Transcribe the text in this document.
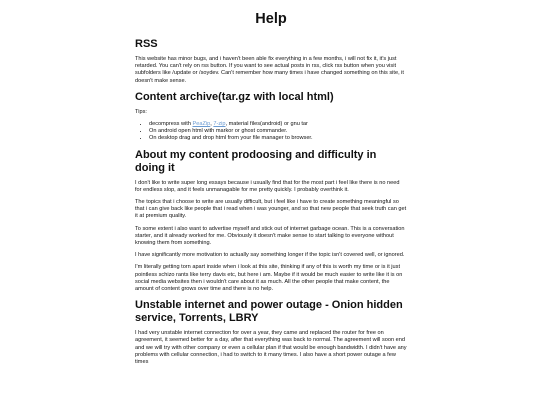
Help
RSS

This website has minor bugs, and i haven't been able fix everything in a few months, i will not fix it, it's just retarded. You can't rely on rss button. If you want to see actual posts in rss, click rss button when you visit subfolders like /update or /soydev. Can't remember how many times i have changed something on this site, it doesn't make sense.

Content archive(tar.gz with local html)

Tips:

• decompress with PeaZip, 7-zip, material files(android) or gnu tar
• On android open html with markor or ghost commander.
• On desktop drag and drop html from your file manager to browser.
About my content prodoosing and difficulty in doing it

I don't like to write super long essays because i usually find that for the most part i feel like there is no need for endless slop, and it feels unmanagable for me pretty quickly. I probably overthink it.

The topics that i choose to write are usually difficult, but i feel like i have to create something meaningful so that i can give back like people that i read when i was younger, and so that new people that seek truth can get it at premium quality.

To some extent i also want to advertise myself and stick out of internet garbage ocean. This is a conversation starter, and it already worked for me. Obviously it doesn't make sense to start talking to everyone without knowing them from something.

I have significantly more motivation to actually say something longer if the topic isn't covered well, or ignored.

I'm literally getting torn apart inside when i look at this site, thinking if any of this is worth my time or is it just pointless schizo rants like terry davis etc, but here i am. Maybe if it would be much easier to write like it is on social media websites then i wouldn't care about it as much. All the other people that make content, the amount of content grows over time and there is no help.

Unstable internet and power outage - Onion hidden service, Torrents, LBRY

I had very unstable internet connection for over a year, they came and replaced the router for free on agreement, it seemed better for a day, after that everything was back to normal. The agreement will soon end and we will try with other company or even a cellular plan if that would be enough bandwidth. I didn't have any problems with cellular connection, i had to switch to it many times. I also have a short power outage a few times
